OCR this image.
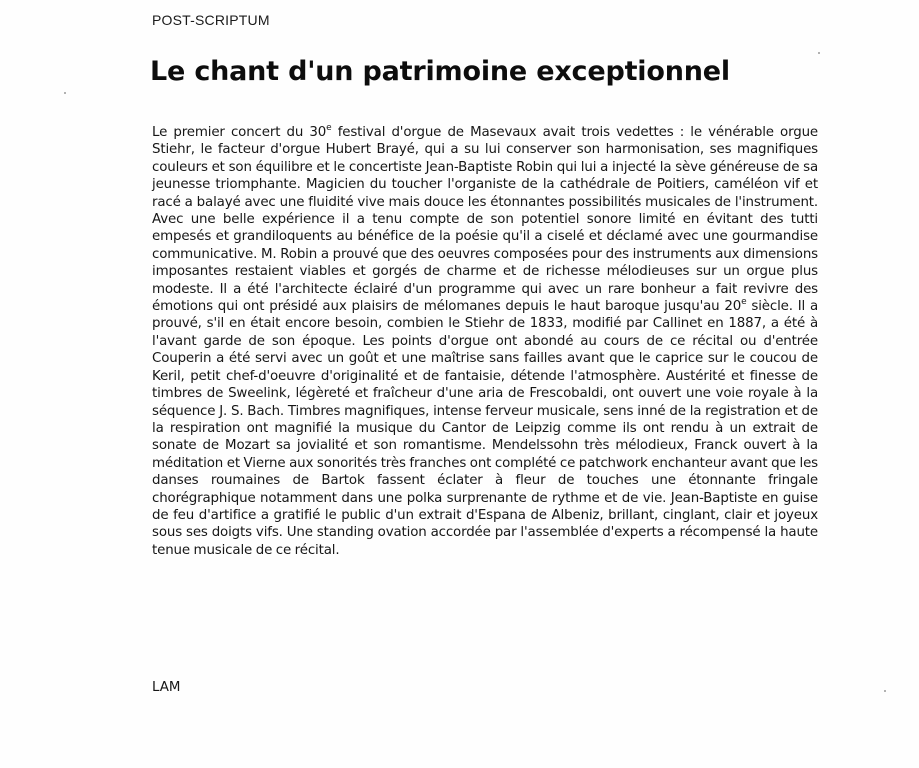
POST-SCRIPTUM
Le chant d'un patrimoine exceptionnel

Le premier concert du 30e festival d'orgue de Masevaux avait trois vedettes : le vénérable orgue Stiehr, le facteur d'orgue Hubert Brayé, qui a su lui conserver son harmonisation, ses magnifiques couleurs et son équilibre et le concertiste Jean-Baptiste Robin qui lui a injecté la sève généreuse de sa jeunesse triomphante. Magicien du toucher l'organiste de la cathédrale de Poitiers, caméléon vif et racé a balayé avec une fluidité vive mais douce les étonnantes possibilités musicales de l'instrument. Avec une belle expérience il a tenu compte de son potentiel sonore limité en évitant des tutti empesés et grandiloquents au bénéfice de la poésie qu'il a ciselé et déclamé avec une gourmandise communicative. M. Robin a prouvé que des oeuvres composées pour des instruments aux dimensions imposantes restaient viables et gorgés de charme et de richesse mélodieuses sur un orgue plus modeste. Il a été l'architecte éclairé d'un programme qui avec un rare bonheur a fait revivre des émotions qui ont présidé aux plaisirs de mélomanes depuis le haut baroque jusqu'au 20e siècle. Il a prouvé, s'il en était encore besoin, combien le Stiehr de 1833, modifié par Callinet en 1887, a été à l'avant garde de son époque. Les points d'orgue ont abondé au cours de ce récital ou d'entrée Couperin a été servi avec un goût et une maîtrise sans failles avant que le caprice sur le coucou de Keril, petit chef-d'oeuvre d'originalité et de fantaisie, détende l'atmosphère. Austérité et finesse de timbres de Sweelink, légèreté et fraîcheur d'une aria de Frescobaldi, ont ouvert une voie royale à la séquence J. S. Bach. Timbres magnifiques, intense ferveur musicale, sens inné de la registration et de la respiration ont magnifié la musique du Cantor de Leipzig comme ils ont rendu à un extrait de sonate de Mozart sa jovialité et son romantisme. Mendelssohn très mélodieux, Franck ouvert à la méditation et Vierne aux sonorités très franches ont complété ce patchwork enchanteur avant que les danses roumaines de Bartok fassent éclater à fleur de touches une étonnante fringale chorégraphique notamment dans une polka surprenante de rythme et de vie. Jean-Baptiste en guise de feu d'artifice a gratifié le public d'un extrait d'Espana de Albeniz, brillant, cinglant, clair et joyeux sous ses doigts vifs. Une standing ovation accordée par l'assemblée d'experts a récompensé la haute tenue musicale de ce récital.

LAM
